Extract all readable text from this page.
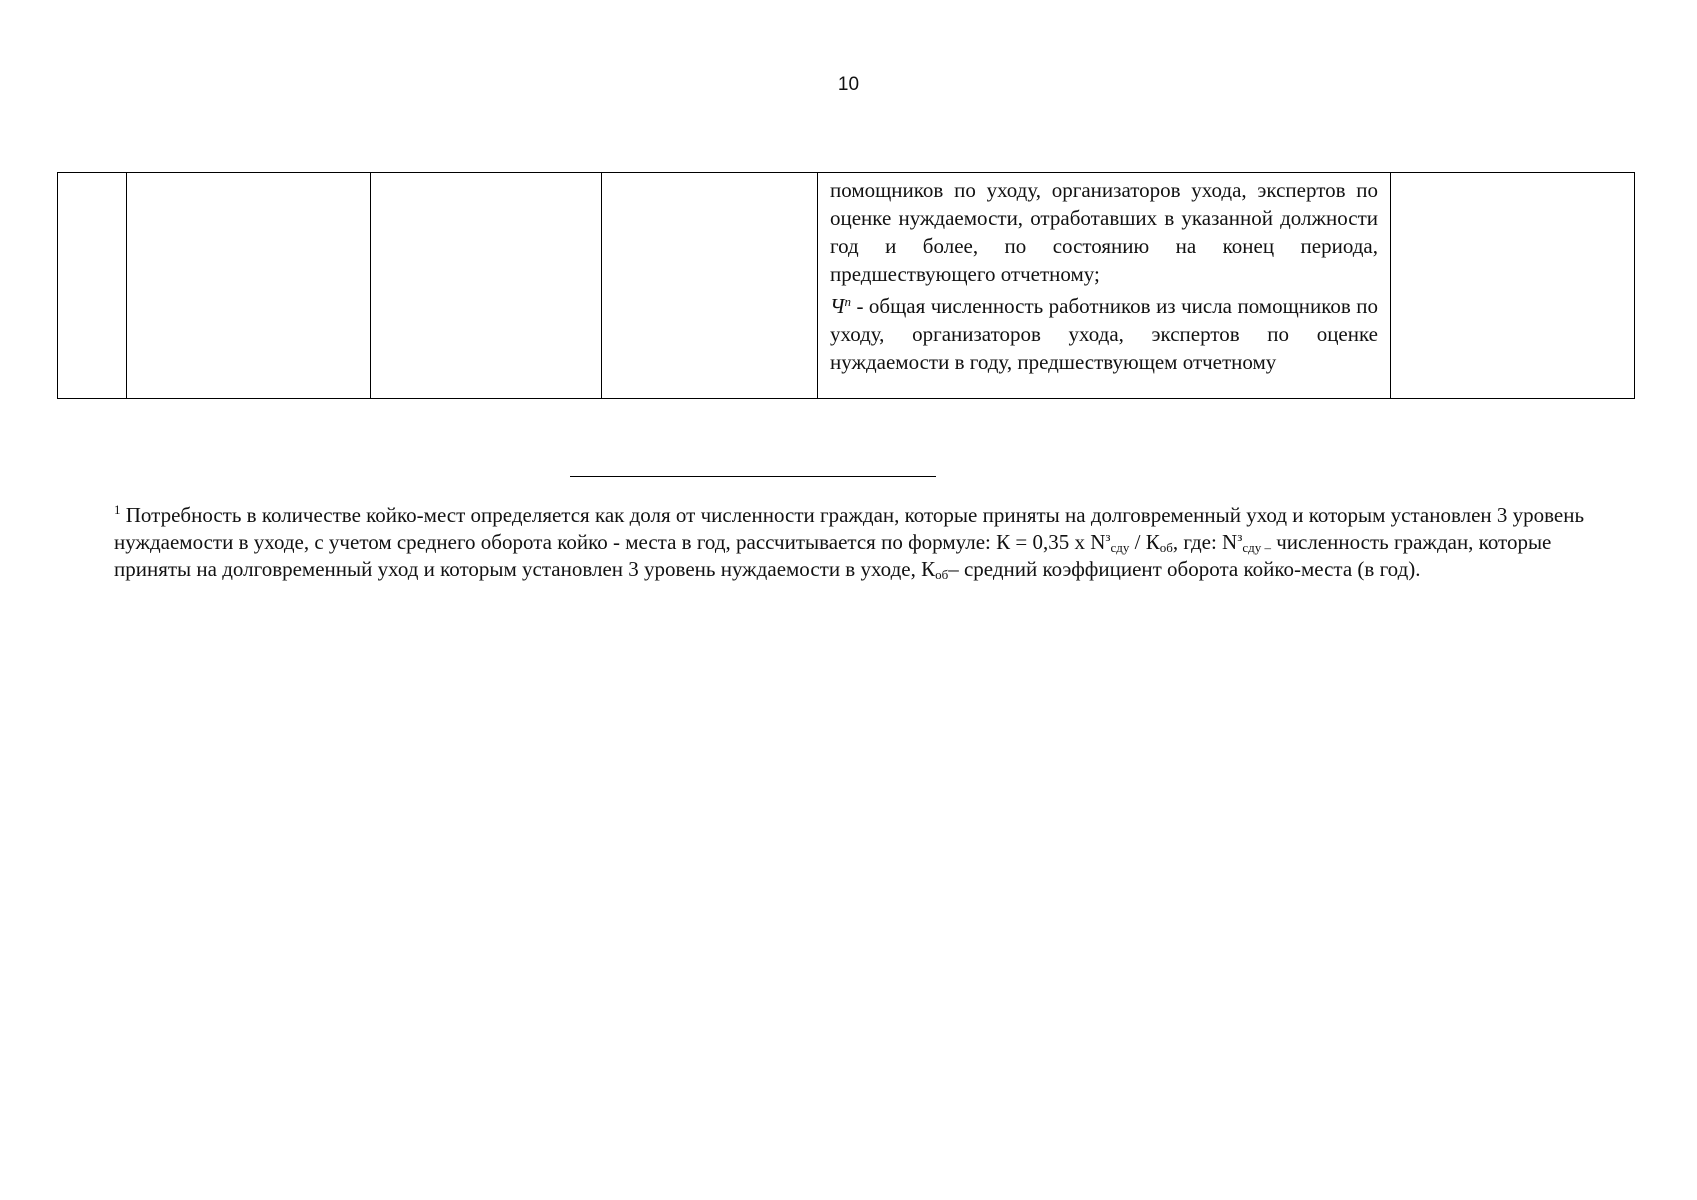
10

помощников по уходу, организаторов ухода, экспертов по оценке нуждаемости, отработавших в указанной должности год и более, по состоянию на конец периода, предшествующего отчетному;

$Ч^п$ - общая численность работников из числа помощников по уходу, организаторов ухода, экспертов по оценке нуждаемости в году, предшествующем отчетному

$^1$ Потребность в количестве койко-мест определяется как доля от численности граждан, которые приняты на долговременный уход и которым установлен 3 уровень нуждаемости в уходе, с учетом среднего оборота койко - места в год, рассчитывается по формуле: К = 0,35 х $N^з_{сду} / К_{об}$, где: $N^з_{сду -}$ численность граждан, которые приняты на долговременный уход и которым установлен 3 уровень нуждаемости в уходе, $К_{об}-$ средний коэффициент оборота койко-места (в год).
